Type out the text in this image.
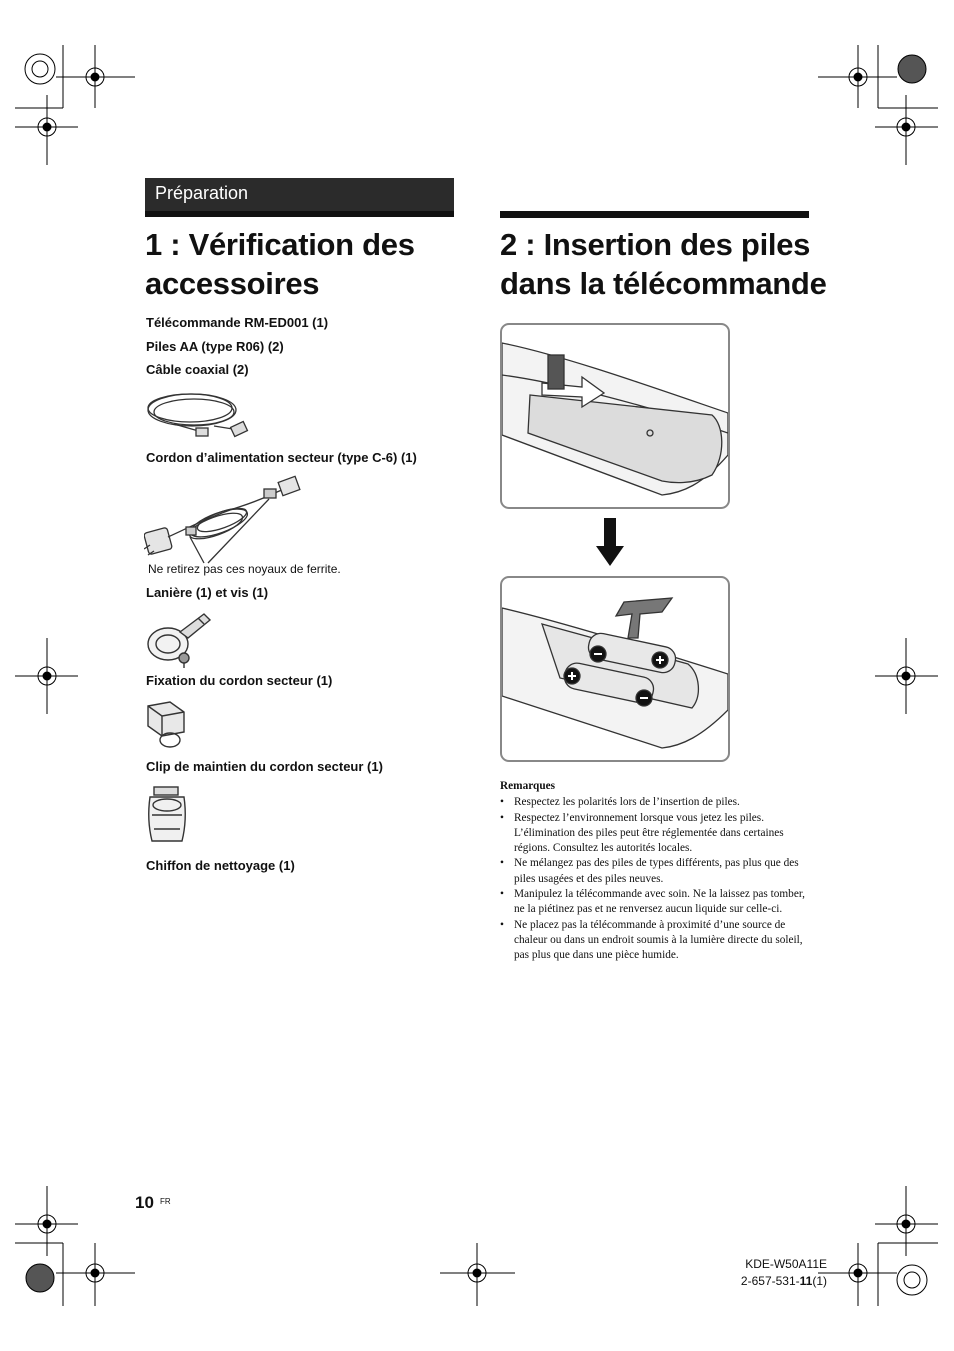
Préparation
1 : Vérification des
accessoires
2 : Insertion des piles
dans la télécommande
Télécommande RM-ED001 (1)
Piles AA (type R06) (2)
Câble coaxial (2)
Cordon d’alimentation secteur (type C-6) (1)
Ne retirez pas ces noyaux de ferrite.
Lanière (1) et vis (1)
Fixation du cordon secteur (1)
Clip de maintien du cordon secteur (1)
Chiffon de nettoyage (1)
Remarques
• Respectez les polarités lors de l’insertion de piles.
• Respectez l’environnement lorsque vous jetez les piles. L’élimination des piles peut être réglementée dans certaines régions. Consultez les autorités locales.
• Ne mélangez pas des piles de types différents, pas plus que des piles usagées et des piles neuves.
• Manipulez la télécommande avec soin. Ne la laissez pas tomber, ne la piétinez pas et ne renversez aucun liquide sur celle-ci.
• Ne placez pas la télécommande à proximité d’une source de chaleur ou dans un endroit soumis à la lumière directe du soleil, pas plus que dans une pièce humide.
10 FR
KDE-W50A11E
2-657-531-11(1)
